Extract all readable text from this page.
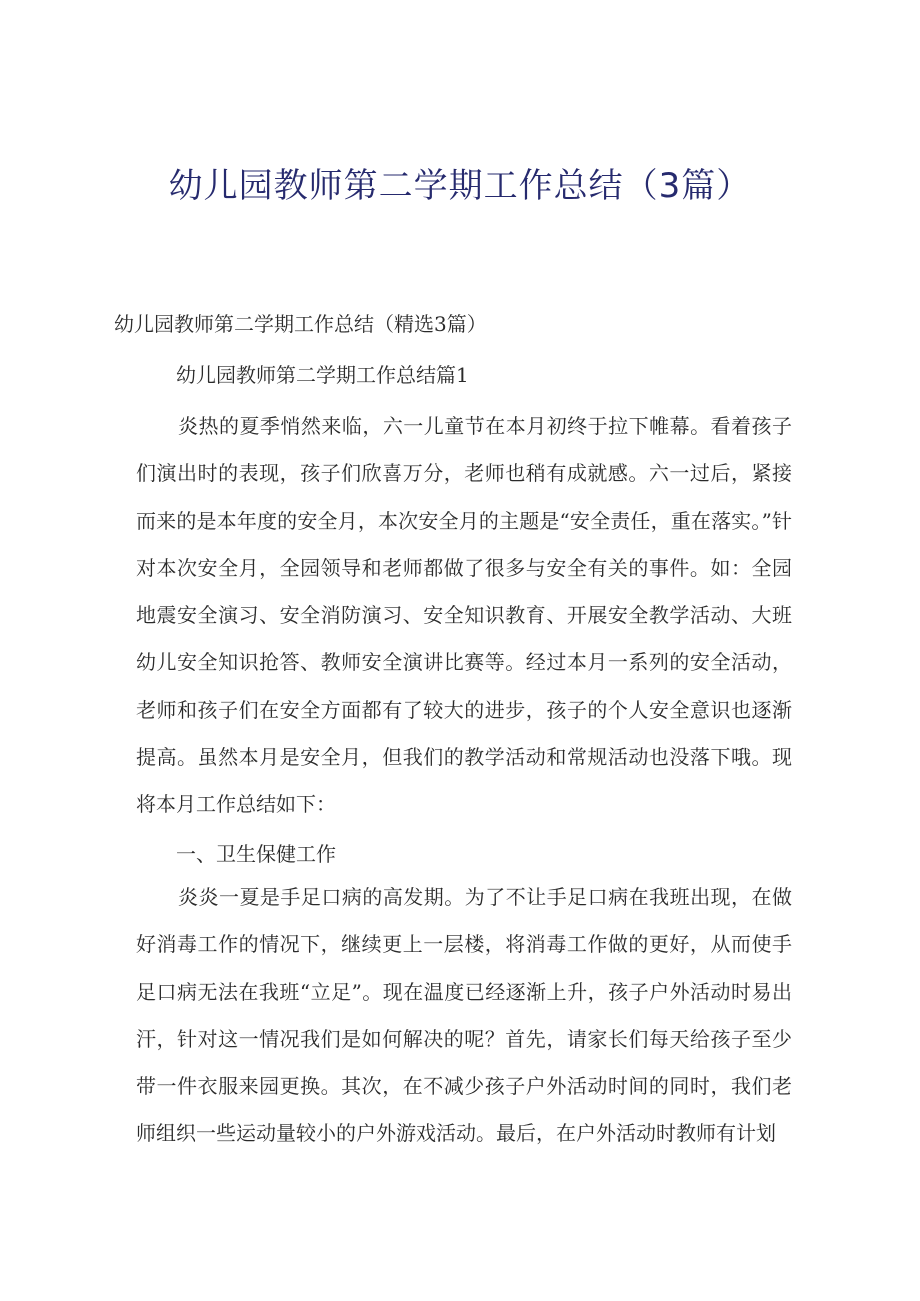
幼儿园教师第二学期工作总结（3篇）
幼儿园教师第二学期工作总结（精选3篇）
幼儿园教师第二学期工作总结篇1
炎热的夏季悄然来临，六一儿童节在本月初终于拉下帷幕。看着孩子们演出时的表现，孩子们欣喜万分，老师也稍有成就感。六一过后，紧接而来的是本年度的安全月，本次安全月的主题是“安全责任，重在落实。”针对本次安全月，全园领导和老师都做了很多与安全有关的事件。如：全园地震安全演习、安全消防演习、安全知识教育、开展安全教学活动、大班幼儿安全知识抢答、教师安全演讲比赛等。经过本月一系列的安全活动，老师和孩子们在安全方面都有了较大的进步，孩子的个人安全意识也逐渐提高。虽然本月是安全月，但我们的教学活动和常规活动也没落下哦。现将本月工作总结如下：
一、卫生保健工作
炎炎一夏是手足口病的高发期。为了不让手足口病在我班出现，在做好消毒工作的情况下，继续更上一层楼，将消毒工作做的更好，从而使手足口病无法在我班“立足”。现在温度已经逐渐上升，孩子户外活动时易出汗，针对这一情况我们是如何解决的呢？首先，请家长们每天给孩子至少带一件衣服来园更换。其次，在不减少孩子户外活动时间的同时，我们老师组织一些运动量较小的户外游戏活动。最后，在户外活动时教师有计划
